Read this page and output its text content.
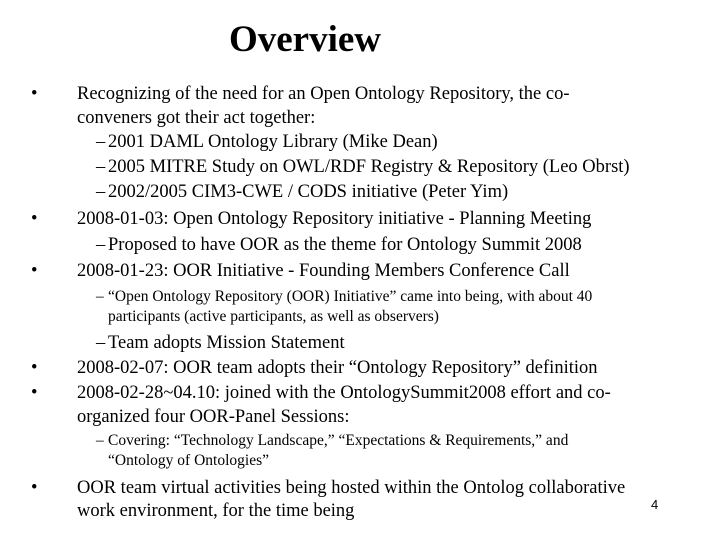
Overview
• Recognizing of the need for an Open Ontology Repository, the co-
conveners got their act together:
– 2001 DAML Ontology Library (Mike Dean)
– 2005 MITRE Study on OWL/RDF Registry & Repository (Leo Obrst)
– 2002/2005 CIM3-CWE / CODS initiative (Peter Yim)
• 2008-01-03: Open Ontology Repository initiative - Planning Meeting
– Proposed to have OOR as the theme for Ontology Summit 2008
• 2008-01-23: OOR Initiative - Founding Members Conference Call
– “Open Ontology Repository (OOR) Initiative” came into being, with about 40
participants (active participants, as well as observers)
– Team adopts Mission Statement
• 2008-02-07: OOR team adopts their “Ontology Repository” definition
• 2008-02-28~04.10: joined with the OntologySummit2008 effort and co-
organized four OOR-Panel Sessions:
– Covering: “Technology Landscape,” “Expectations & Requirements,” and
“Ontology of Ontologies”
• OOR team virtual activities being hosted within the Ontolog collaborative
work environment, for the time being	4
